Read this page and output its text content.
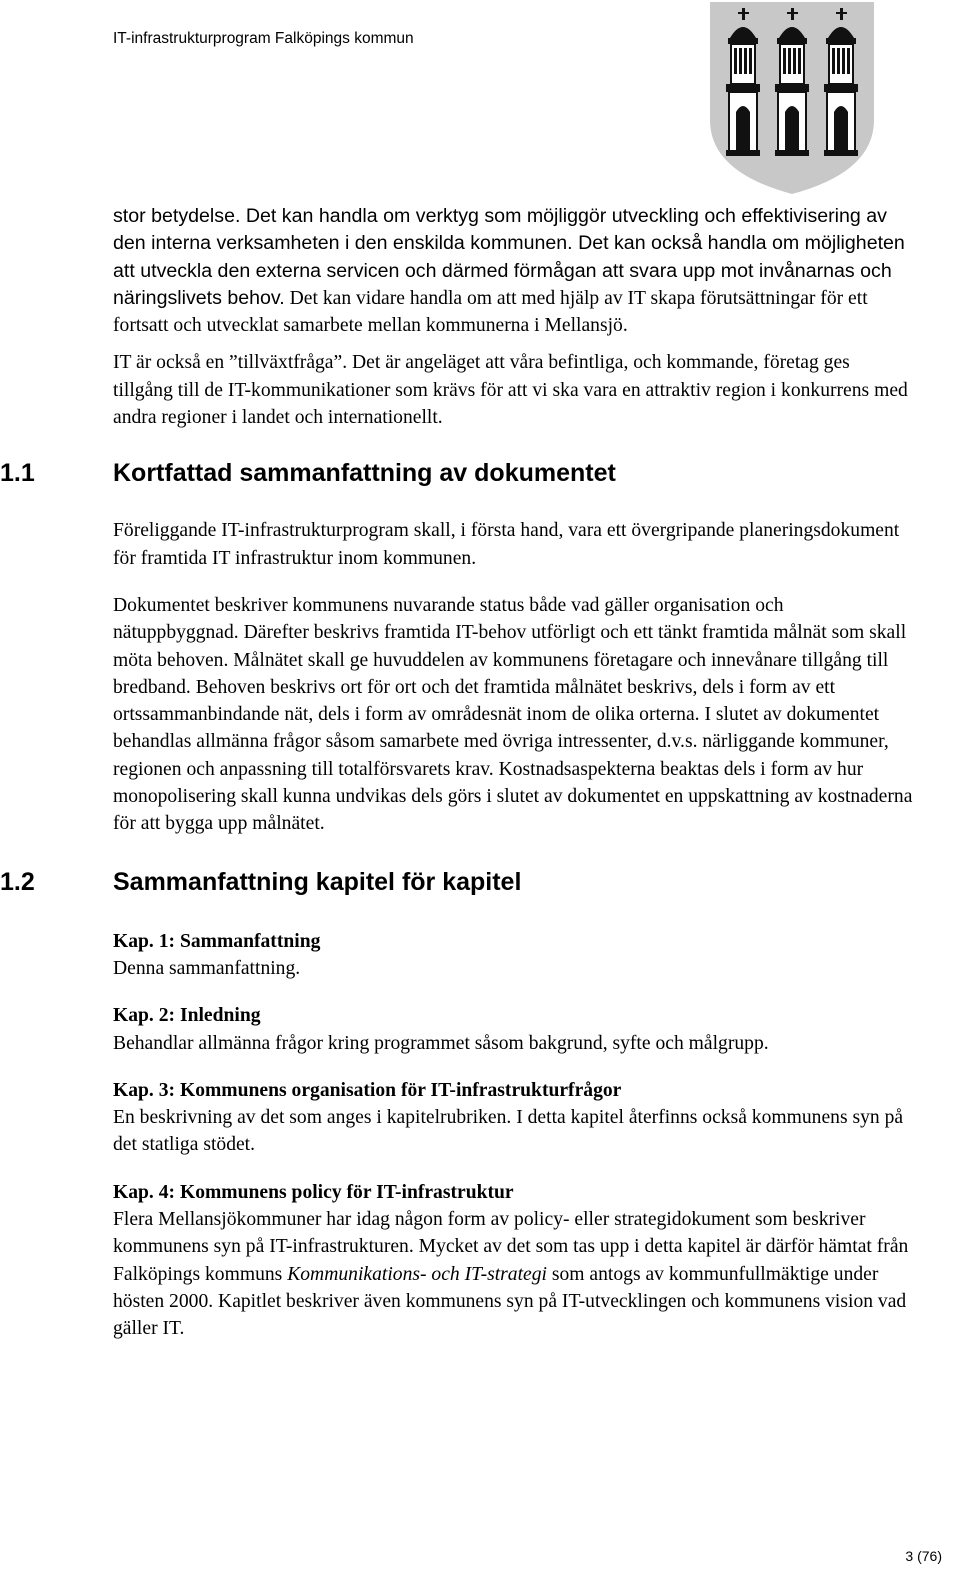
IT-infrastrukturprogram Falköpings kommun

stor betydelse. Det kan handla om verktyg som möjliggör utveckling och effektivisering av den interna verksamheten i den enskilda kommunen. Det kan också handla om möjligheten att utveckla den externa servicen och därmed förmågan att svara upp mot invånarnas och näringslivets behov. Det kan vidare handla om att med hjälp av IT skapa förutsättningar för ett fortsatt och utvecklat samarbete mellan kommunerna i Mellansjö.

IT är också en ”tillväxtfråga”. Det är angeläget att våra befintliga, och kommande, företag ges tillgång till de IT-kommunikationer som krävs för att vi ska vara en attraktiv region i konkurrens med andra regioner i landet och internationellt.

1.1	Kortfattad sammanfattning av dokumentet

Föreliggande IT-infrastrukturprogram skall, i första hand, vara ett övergripande planeringsdokument för framtida IT infrastruktur inom kommunen.

Dokumentet beskriver kommunens nuvarande status både vad gäller organisation och nätuppbyggnad. Därefter beskrivs framtida IT-behov utförligt och ett tänkt framtida målnät som skall möta behoven. Målnätet skall ge huvuddelen av kommunens företagare och innevånare tillgång till bredband. Behoven beskrivs ort för ort och det framtida målnätet beskrivs, dels i form av ett ortssammanbindande nät, dels i form av områdesnät inom de olika orterna. I slutet av dokumentet behandlas allmänna frågor såsom samarbete med övriga intressenter, d.v.s. närliggande kommuner, regionen och anpassning till totalförsvarets krav. Kostnadsaspekterna beaktas dels i form av hur monopolisering skall kunna undvikas dels görs i slutet av dokumentet en uppskattning av kostnaderna för att bygga upp målnätet.

1.2	Sammanfattning kapitel för kapitel

Kap. 1: Sammanfattning

Denna sammanfattning.

Kap. 2: Inledning

Behandlar allmänna frågor kring programmet såsom bakgrund, syfte och målgrupp.

Kap. 3: Kommunens organisation för IT-infrastrukturfrågor

En beskrivning av det som anges i kapitelrubriken. I detta kapitel återfinns också kommunens syn på det statliga stödet.

Kap. 4: Kommunens policy för IT-infrastruktur

Flera Mellansjökommuner har idag någon form av policy- eller strategidokument som beskriver kommunens syn på IT-infrastrukturen. Mycket av det som tas upp i detta kapitel är därför hämtat från Falköpings kommuns Kommunikations- och IT-strategi som antogs av kommunfullmäktige under hösten 2000. Kapitlet beskriver även kommunens syn på IT-utvecklingen och kommunens vision vad gäller IT.

3 (76)
